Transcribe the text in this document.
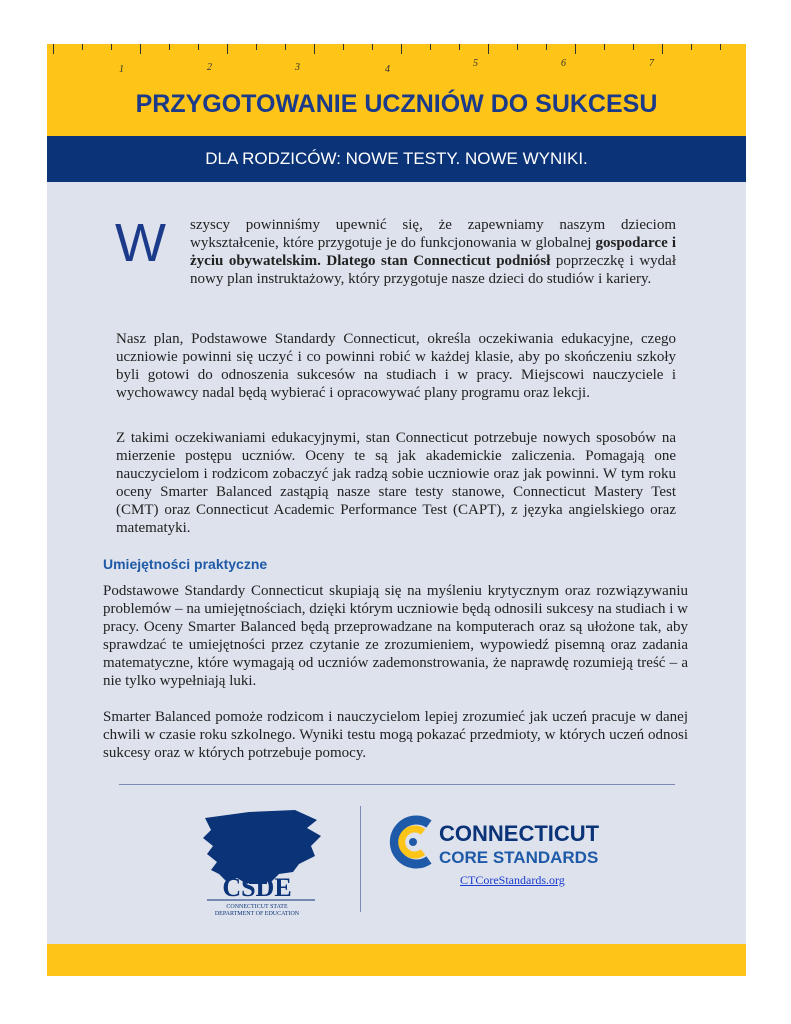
1	2	3	4
5	6	7
PRZYGOTOWANIE UCZNIÓW DO SUKCESU

DLA RODZICÓW: NOWE TESTY. NOWE WYNIKI.

W szyscy powinniśmy upewnić się, że zapewniamy naszym dzieciom wykształcenie, które przygotuje je do funkcjonowania w globalnej gospodarce i życiu obywatelskim. Dlatego stan Connecticut podniósł poprzeczkę i wydał nowy plan instruktażowy, który przygotuje nasze dzieci do studiów i kariery.

Nasz plan, Podstawowe Standardy Connecticut, określa oczekiwania edukacyjne, czego uczniowie powinni się uczyć i co powinni robić w każdej klasie, aby po skończeniu szkoły byli gotowi do odnoszenia sukcesów na studiach i w pracy. Miejscowi nauczyciele i wychowawcy nadal będą wybierać i opracowywać plany programu oraz lekcji.

Z takimi oczekiwaniami edukacyjnymi, stan Connecticut potrzebuje nowych sposobów na mierzenie postępu uczniów. Oceny te są jak akademickie zaliczenia. Pomagają one nauczycielom i rodzicom zobaczyć jak radzą sobie uczniowie oraz jak powinni. W tym roku oceny Smarter Balanced zastąpią nasze stare testy stanowe, Connecticut Mastery Test (CMT) oraz Connecticut Academic Performance Test (CAPT), z języka angielskiego oraz matematyki.

Umiejętności praktyczne

Podstawowe Standardy Connecticut skupiają się na myśleniu krytycznym oraz rozwiązywaniu problemów – na umiejętnościach, dzięki którym uczniowie będą odnosili sukcesy na studiach i w pracy. Oceny Smarter Balanced będą przeprowadzane na komputerach oraz są ułożone tak, aby sprawdzać te umiejętności przez czytanie ze zrozumieniem, wypowiedź pisemną oraz zadania matematyczne, które wymagają od uczniów zademonstrowania, że naprawdę rozumieją treść – a nie tylko wypełniają luki.

Smarter Balanced pomoże rodzicom i nauczycielom lepiej zrozumieć jak uczeń pracuje w danej chwili w czasie roku szkolnego. Wyniki testu mogą pokazać przedmioty, w których uczeń odnosi sukcesy oraz w których potrzebuje pomocy.

CSDE
CONNECTICUT STATE
DEPARTMENT OF EDUCATION
CONNECTICUT
CORE STANDARDS
CTCoreStandards.org
